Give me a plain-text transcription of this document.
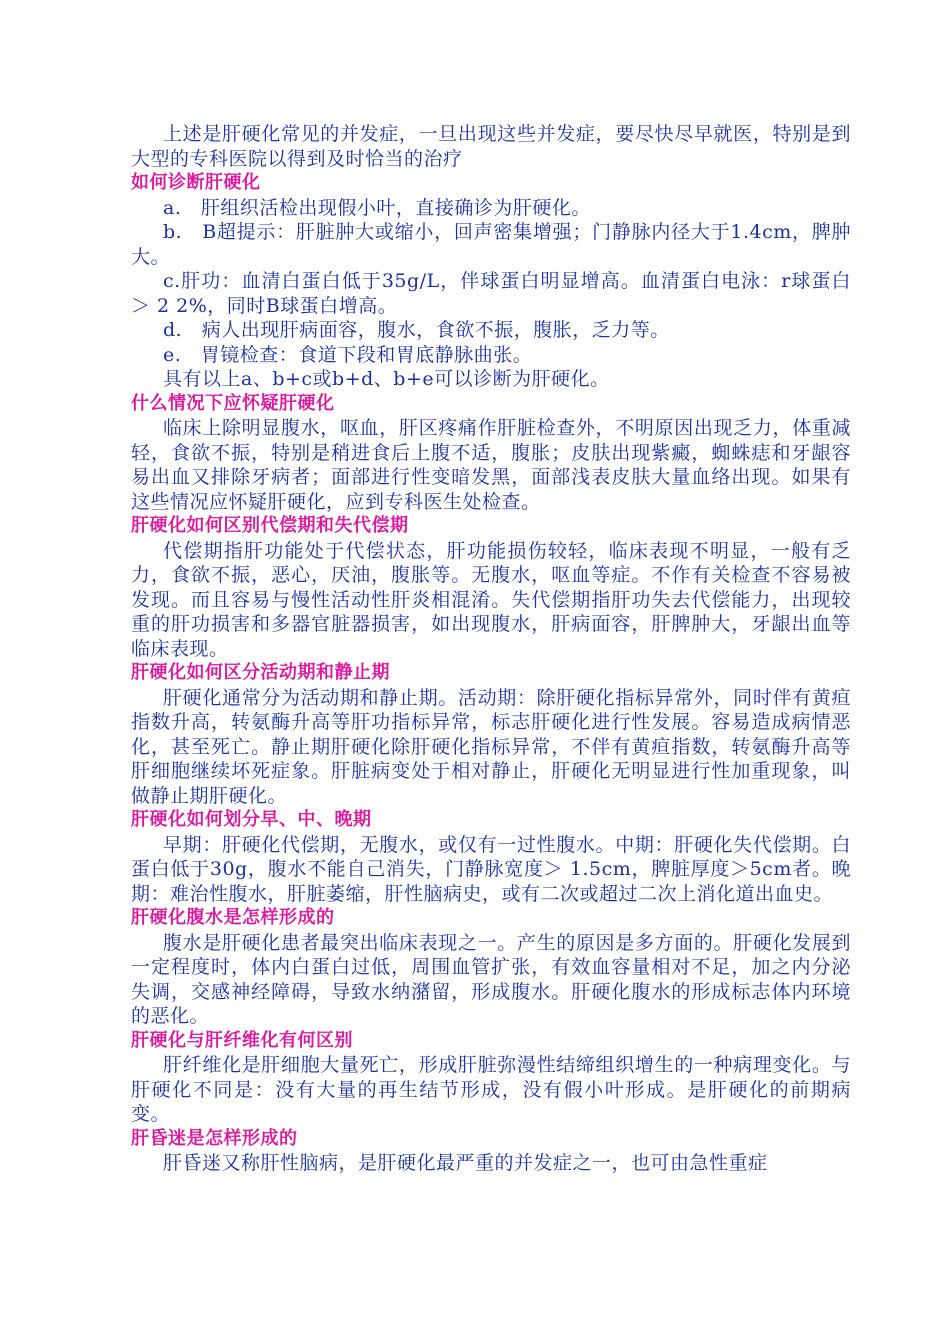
上述是肝硬化常见的并发症，一旦出现这些并发症，要尽快尽早就医，特别是到大型的专科医院以得到及时恰当的治疗

如何诊断肝硬化

a.　肝组织活检出现假小叶，直接确诊为肝硬化。

b.　B超提示：肝脏肿大或缩小，回声密集增强；门静脉内径大于1.4cm，脾肿大。

c.肝功：血清白蛋白低于35g/L，伴球蛋白明显增高。血清蛋白电泳：r球蛋白＞ 2 2%，同时B球蛋白增高。

d.　病人出现肝病面容，腹水，食欲不振，腹胀，乏力等。

e.　胃镜检查：食道下段和胃底静脉曲张。

具有以上a、b+c或b+d、b+e可以诊断为肝硬化。

什么情况下应怀疑肝硬化

临床上除明显腹水，呕血，肝区疼痛作肝脏检查外，不明原因出现乏力，体重减轻，食欲不振，特别是稍进食后上腹不适，腹胀；皮肤出现紫癜，蜘蛛痣和牙龈容易出血又排除牙病者；面部进行性变暗发黑，面部浅表皮肤大量血络出现。如果有这些情况应怀疑肝硬化，应到专科医生处检查。

肝硬化如何区别代偿期和失代偿期

代偿期指肝功能处于代偿状态，肝功能损伤较轻，临床表现不明显，一般有乏力，食欲不振，恶心，厌油，腹胀等。无腹水，呕血等症。不作有关检查不容易被发现。而且容易与慢性活动性肝炎相混淆。失代偿期指肝功失去代偿能力，出现较重的肝功损害和多器官脏器损害，如出现腹水，肝病面容，肝脾肿大，牙龈出血等临床表现。

肝硬化如何区分活动期和静止期

肝硬化通常分为活动期和静止期。活动期：除肝硬化指标异常外，同时伴有黄疸指数升高，转氨酶升高等肝功指标异常，标志肝硬化进行性发展。容易造成病情恶化，甚至死亡。静止期肝硬化除肝硬化指标异常，不伴有黄疸指数，转氨酶升高等肝细胞继续坏死症象。肝脏病变处于相对静止，肝硬化无明显进行性加重现象，叫做静止期肝硬化。

肝硬化如何划分早、中、晚期

早期：肝硬化代偿期，无腹水，或仅有一过性腹水。中期：肝硬化失代偿期。白蛋白低于30g，腹水不能自己消失，门静脉宽度＞ 1.5cm，脾脏厚度＞5cm者。晚期：难治性腹水，肝脏萎缩，肝性脑病史，或有二次或超过二次上消化道出血史。

肝硬化腹水是怎样形成的

腹水是肝硬化患者最突出临床表现之一。产生的原因是多方面的。肝硬化发展到一定程度时，体内白蛋白过低，周围血管扩张，有效血容量相对不足，加之内分泌失调，交感神经障碍，导致水纳潴留，形成腹水。肝硬化腹水的形成标志体内环境的恶化。

肝硬化与肝纤维化有何区别

肝纤维化是肝细胞大量死亡，形成肝脏弥漫性结缔组织增生的一种病理变化。与肝硬化不同是：没有大量的再生结节形成，没有假小叶形成。是肝硬化的前期病变。

肝昏迷是怎样形成的

肝昏迷又称肝性脑病，是肝硬化最严重的并发症之一，也可由急性重症
